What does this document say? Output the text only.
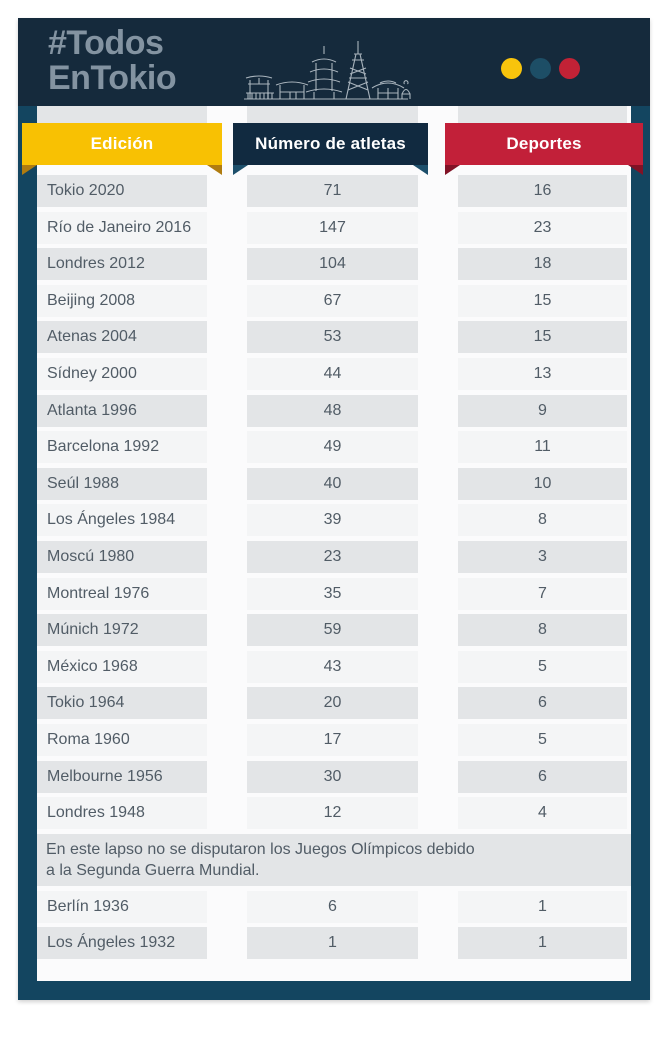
#Todos
EnTokio
Edición	Número de atletas	Deportes
Tokio 2020	71	16
Río de Janeiro 2016	147	23
Londres 2012	104	18
Beijing 2008	67	15
Atenas 2004	53	15
Sídney 2000	44	13
Atlanta 1996	48	9
Barcelona 1992	49	11
Seúl 1988	40	10
Los Ángeles 1984	39	8
Moscú 1980	23	3
Montreal 1976	35	7
Múnich 1972	59	8
México 1968	43	5
Tokio 1964	20	6
Roma 1960	17	5
Melbourne 1956	30	6
Londres 1948	12	4
En este lapso no se disputaron los Juegos Olímpicos debido
a la Segunda Guerra Mundial.
Berlín 1936	6	1
Los Ángeles 1932	1	1
